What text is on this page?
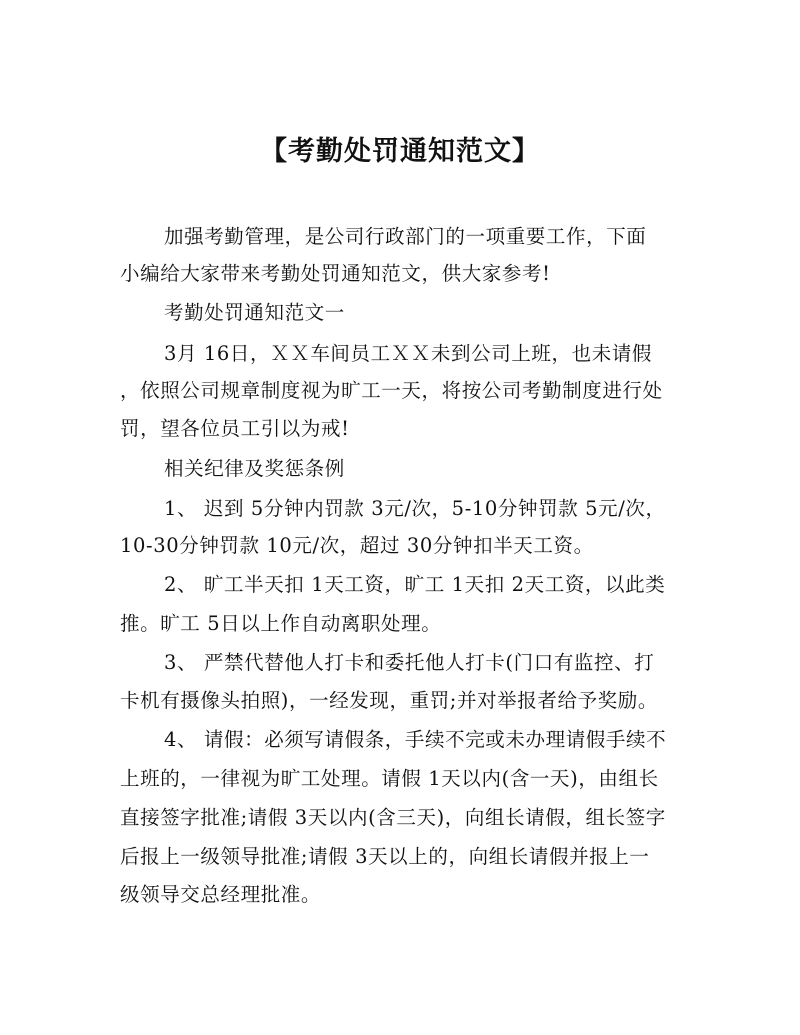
【考勤处罚通知范文】
加强考勤管理，是公司行政部门的一项重要工作，下面
小编给大家带来考勤处罚通知范文，供大家参考!
考勤处罚通知范文一
3月 16日，ＸＸ车间员工ＸＸ未到公司上班，也未请假
，依照公司规章制度视为旷工一天，将按公司考勤制度进行处
罚，望各位员工引以为戒!
相关纪律及奖惩条例
1、 迟到 5分钟内罚款 3元/次，5-10分钟罚款 5元/次，
10-30分钟罚款 10元/次，超过 30分钟扣半天工资。
2、 旷工半天扣 1天工资，旷工 1天扣 2天工资，以此类
推。旷工 5日以上作自动离职处理。
3、 严禁代替他人打卡和委托他人打卡(门口有监控、打
卡机有摄像头拍照)，一经发现，重罚;并对举报者给予奖励。
4、 请假：必须写请假条，手续不完或未办理请假手续不
上班的，一律视为旷工处理。请假 1天以内(含一天)，由组长
直接签字批准;请假 3天以内(含三天)，向组长请假，组长签字
后报上一级领导批准;请假 3天以上的，向组长请假并报上一
级领导交总经理批准。
